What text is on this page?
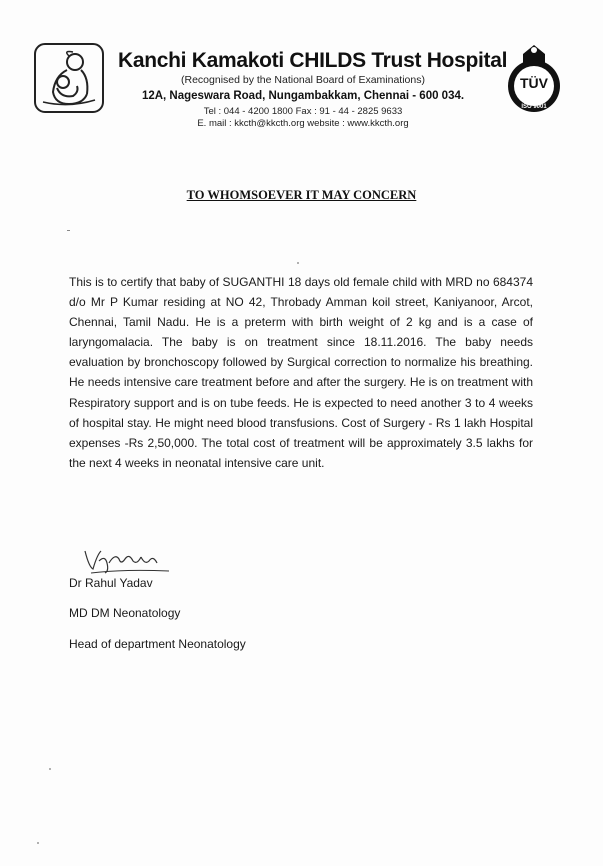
Kanchi Kamakoti CHILDS Trust Hospital
(Recognised by the National Board of Examinations)
12A, Nageswara Road, Nungambakkam, Chennai - 600 034.
Tel : 044 - 4200 1800 Fax : 91 - 44 - 2825 9633
E. mail : kkcth@kkcth.org website : www.kkcth.org
TÜV
ISO 9001
TO WHOMSOEVER IT MAY CONCERN
This is to certify that baby of SUGANTHI 18 days old female child with MRD no 684374 d/o Mr P Kumar residing at NO 42, Throbady Amman koil street, Kaniyanoor, Arcot, Chennai, Tamil Nadu. He is a preterm with birth weight of 2 kg and is a case of laryngomalacia. The baby is on treatment since 18.11.2016. The baby needs evaluation by bronchoscopy followed by Surgical correction to normalize his breathing. He needs intensive care treatment before and after the surgery. He is on treatment with Respiratory support and is on tube feeds. He is expected to need another 3 to 4 weeks of hospital stay. He might need blood transfusions. Cost of Surgery - Rs 1 lakh Hospital expenses -Rs 2,50,000. The total cost of treatment will be approximately 3.5 lakhs for the next 4 weeks in neonatal intensive care unit.
Dr Rahul Yadav
MD DM Neonatology
Head of department Neonatology
